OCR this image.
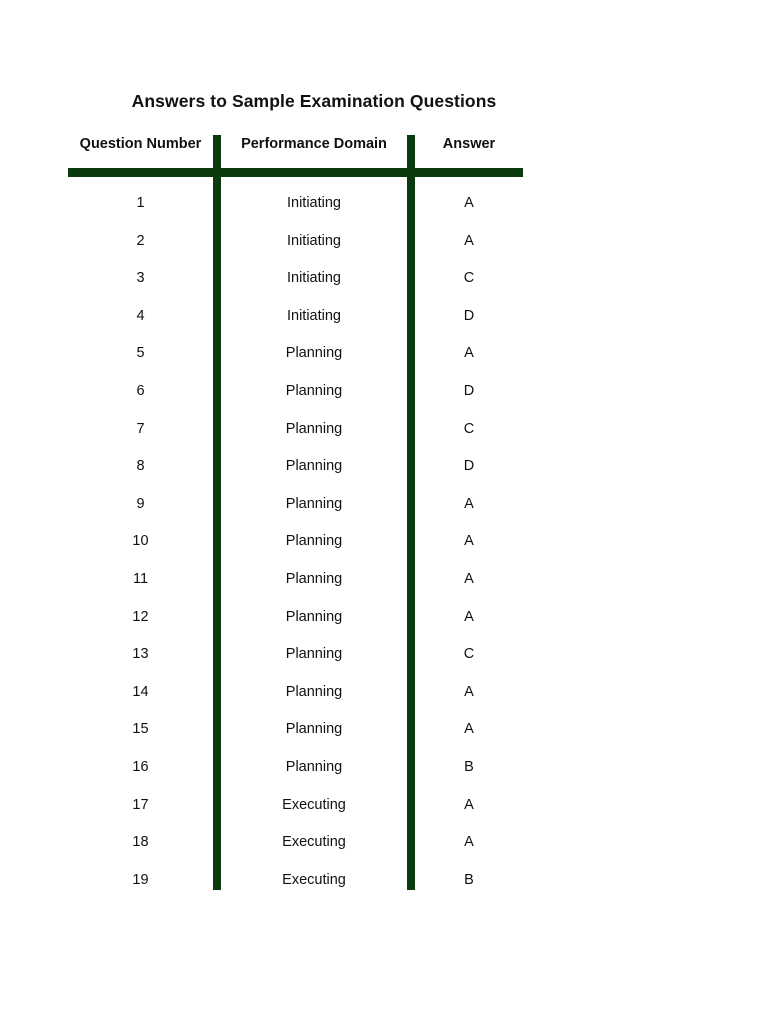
Answers to Sample Examination Questions
Question Number	Performance Domain	Answer
1	Initiating	A
2	Initiating	A
3	Initiating	C
4	Initiating	D
5	Planning	A
6	Planning	D
7	Planning	C
8	Planning	D
9	Planning	A
10	Planning	A
11	Planning	A
12	Planning	A
13	Planning	C
14	Planning	A
15	Planning	A
16	Planning	B
17	Executing	A
18	Executing	A
19	Executing	B
